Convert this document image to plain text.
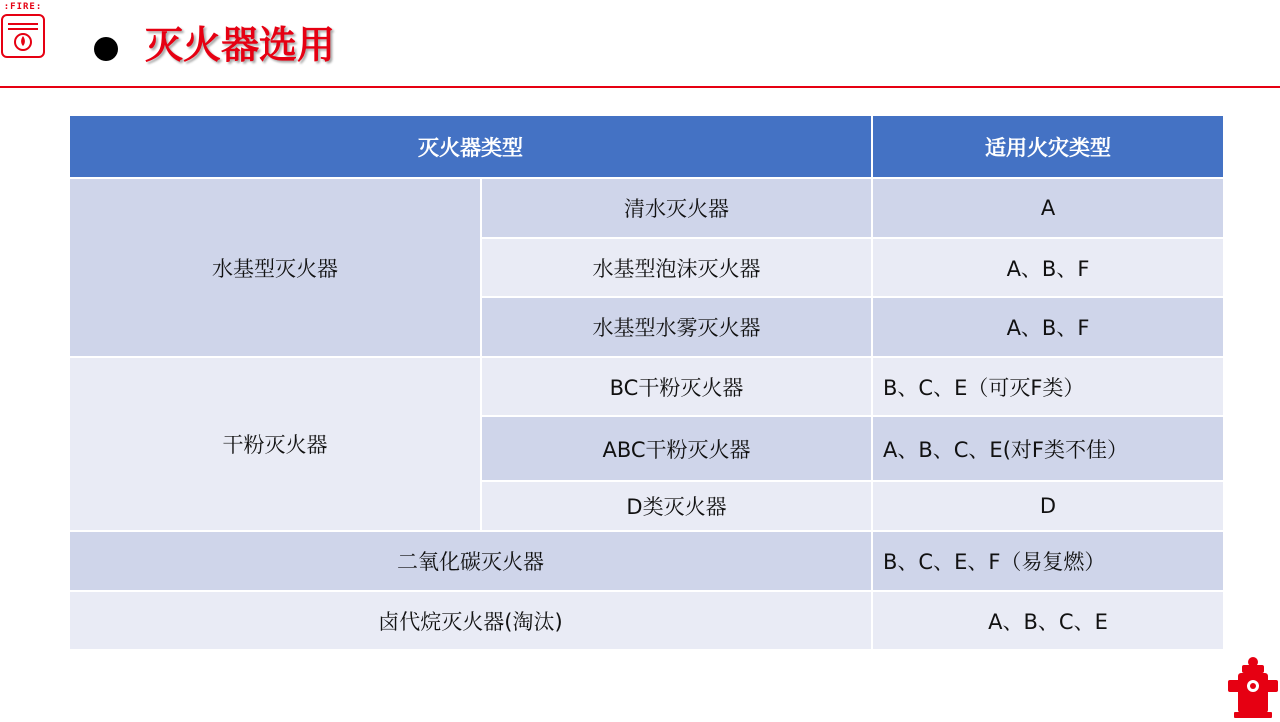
:FIRE:
灭火器选用
灭火器类型		适用火灾类型
水基型灭火器	清水灭火器	A
	水基型泡沫灭火器	A、B、F
	水基型水雾灭火器	A、B、F
干粉灭火器	BC干粉灭火器	B、C、E（可灭F类）
	ABC干粉灭火器	A、B、C、E(对F类不佳）
	D类灭火器	D
二氧化碳灭火器		B、C、E、F（易复燃）
卤代烷灭火器(淘汰)		A、B、C、E
